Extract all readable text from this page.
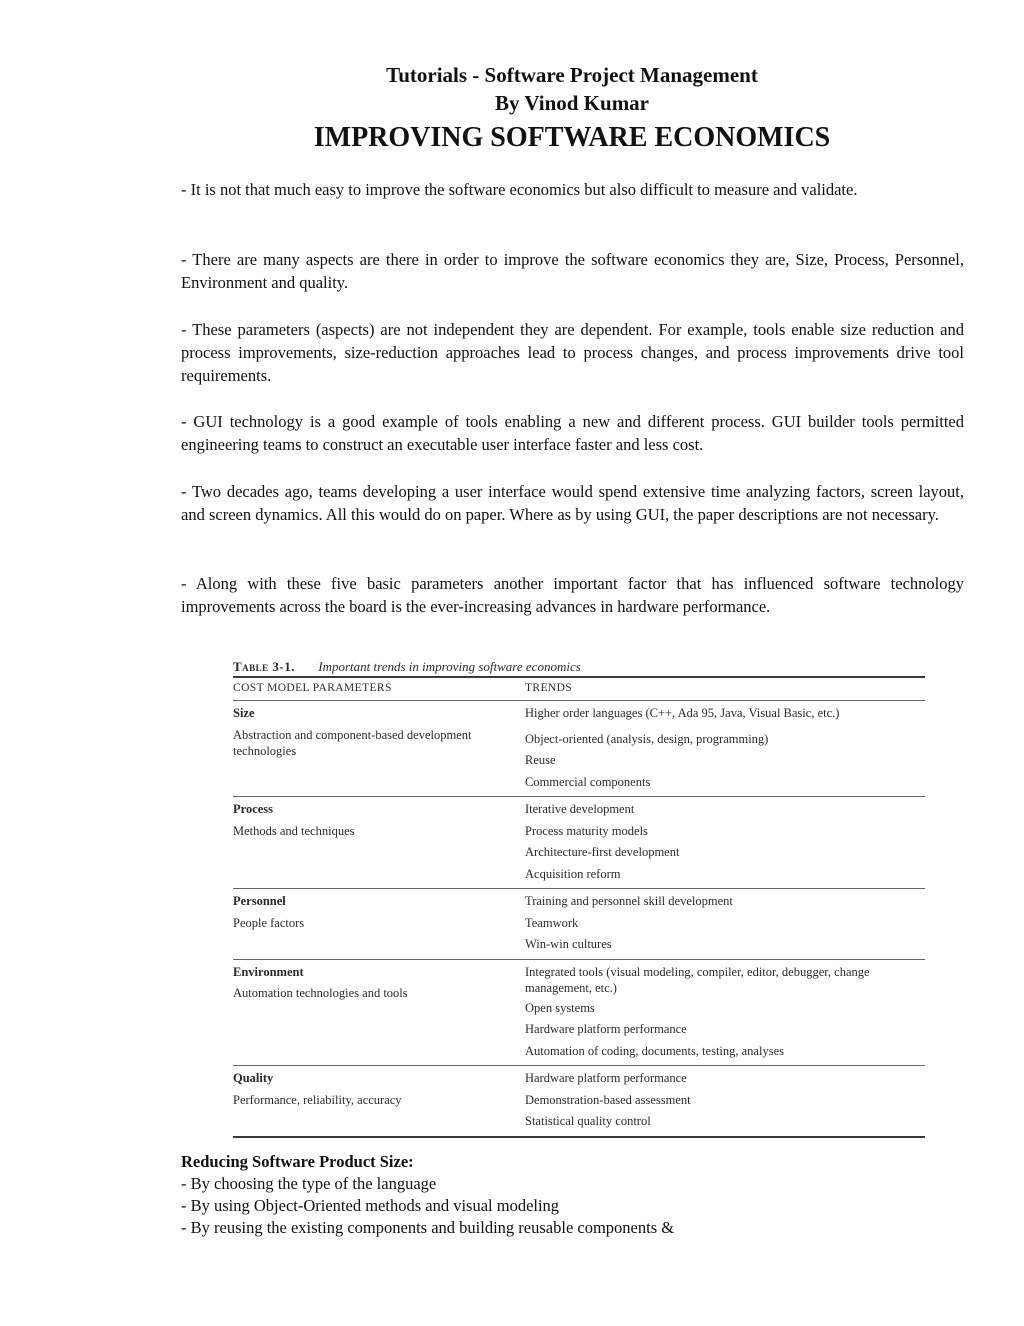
Tutorials - Software Project Management
By Vinod Kumar
IMPROVING SOFTWARE ECONOMICS

- It is not that much easy to improve the software economics but also difficult to measure and validate.

- There are many aspects are there in order to improve the software economics they are, Size, Process, Personnel, Environment and quality.

- These parameters (aspects) are not independent they are dependent. For example, tools enable size reduction and process improvements, size-reduction approaches lead to process changes, and process improvements drive tool requirements.

- GUI technology is a good example of tools enabling a new and different process. GUI builder tools permitted engineering teams to construct an executable user interface faster and less cost.

- Two decades ago, teams developing a user interface would spend extensive time analyzing factors, screen layout, and screen dynamics. All this would do on paper. Where as by using GUI, the paper descriptions are not necessary.

- Along with these five basic parameters another important factor that has influenced software technology improvements across the board is the ever-increasing advances in hardware performance.

Table 3-1. Important trends in improving software economics
COST MODEL PARAMETERS	TRENDS
Size
Abstraction and component-based development technologies
Higher order languages (C++, Ada 95, Java, Visual Basic, etc.)
Object-oriented (analysis, design, programming)
Reuse
Commercial components
Process
Methods and techniques
Iterative development
Process maturity models
Architecture-first development
Acquisition reform
Personnel
People factors
Training and personnel skill development
Teamwork
Win-win cultures
Environment
Automation technologies and tools
Integrated tools (visual modeling, compiler, editor, debugger, change management, etc.)
Open systems
Hardware platform performance
Automation of coding, documents, testing, analyses
Quality
Performance, reliability, accuracy
Hardware platform performance
Demonstration-based assessment
Statistical quality control
Reducing Software Product Size:
- By choosing the type of the language
- By using Object-Oriented methods and visual modeling
- By reusing the existing components and building reusable components &
